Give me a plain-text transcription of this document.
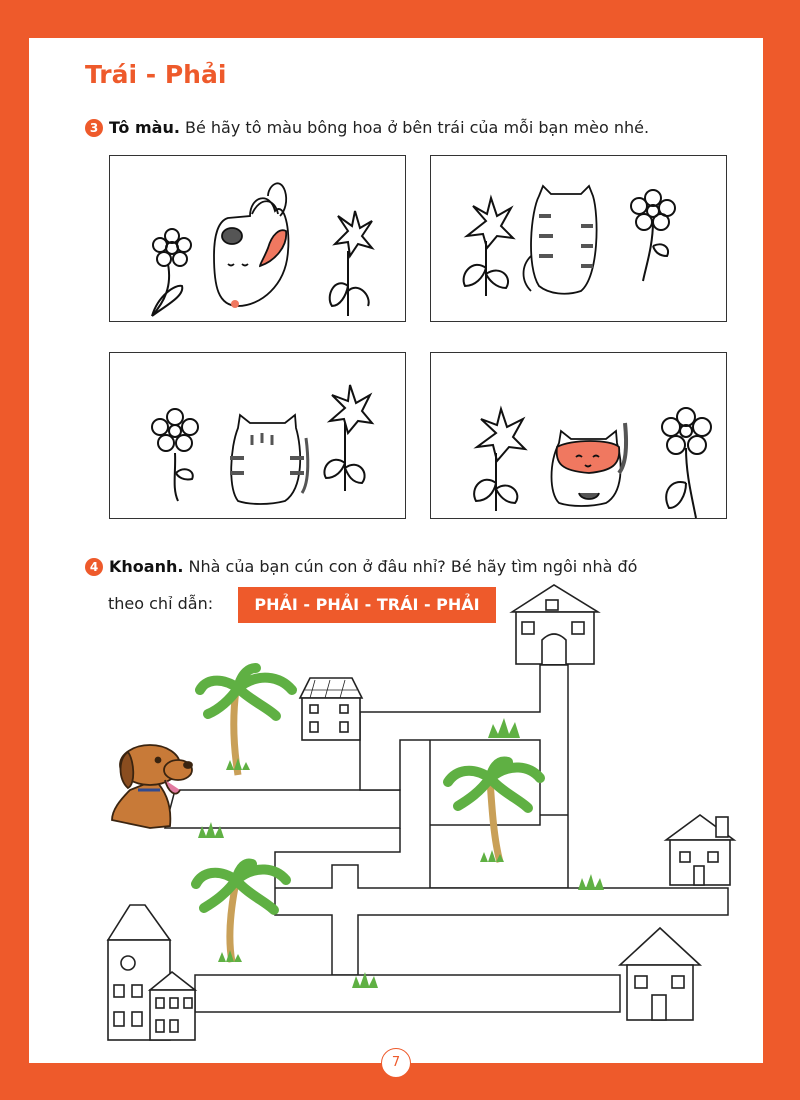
Trái - Phải
3 Tô màu. Bé hãy tô màu bông hoa ở bên trái của mỗi bạn mèo nhé.
4 Khoanh. Nhà của bạn cún con ở đâu nhỉ? Bé hãy tìm ngôi nhà đó
theo chỉ dẫn:	PHẢI - PHẢI - TRÁI - PHẢI
7
